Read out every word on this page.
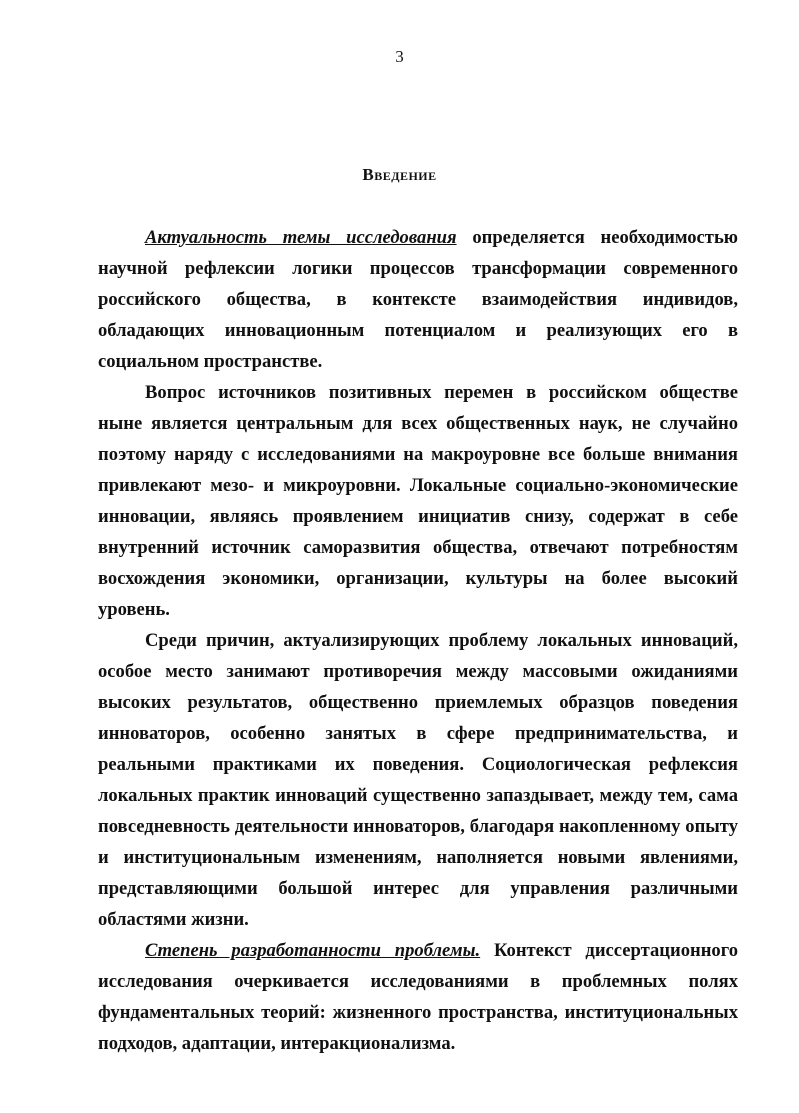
3
Введение

Актуальность темы исследования определяется необходимостью научной рефлексии логики процессов трансформации современного российского общества, в контексте взаимодействия индивидов, обладающих инновационным потенциалом и реализующих его в социальном пространстве.

Вопрос источников позитивных перемен в российском обществе ныне является центральным для всех общественных наук, не случайно поэтому наряду с исследованиями на макроуровне все больше внимания привлекают мезо- и микроуровни. Локальные социально-экономические инновации, являясь проявлением инициатив снизу, содержат в себе внутренний источник саморазвития общества, отвечают потребностям восхождения экономики, организации, культуры на более высокий уровень.

Среди причин, актуализирующих проблему локальных инноваций, особое место занимают противоречия между массовыми ожиданиями высоких результатов, общественно приемлемых образцов поведения инноваторов, особенно занятых в сфере предпринимательства, и реальными практиками их поведения. Социологическая рефлексия локальных практик инноваций существенно запаздывает, между тем, сама повседневность деятельности инноваторов, благодаря накопленному опыту и институциональным изменениям, наполняется новыми явлениями, представляющими большой интерес для управления различными областями жизни.

Степень разработанности проблемы. Контекст диссертационного исследования очеркивается исследованиями в проблемных полях фундаментальных теорий: жизненного пространства, институциональных подходов, адаптации, интеракционализма.
